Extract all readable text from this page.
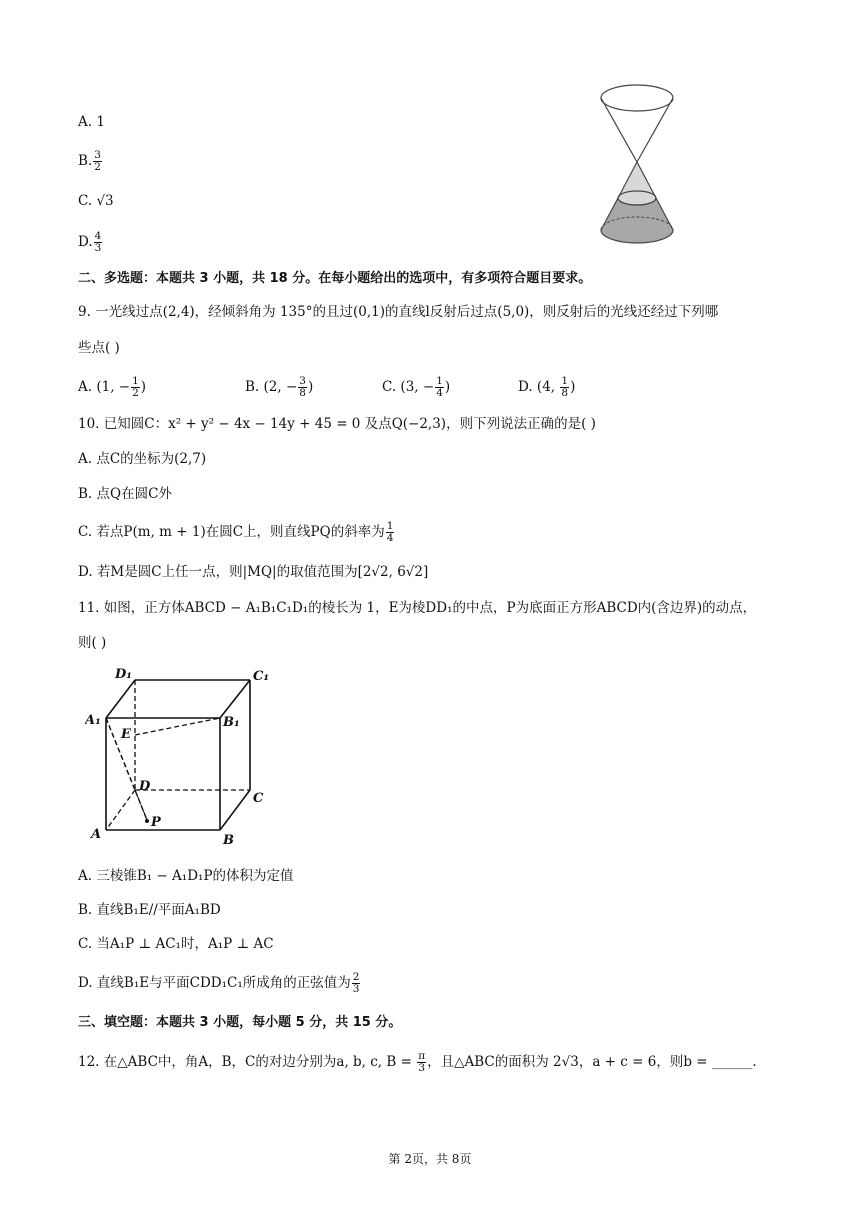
A. 1
B. $\frac{3}{2}$
C. √3
D. $\frac{4}{3}$
二、多选题：本题共 3 小题，共 18 分。在每小题给出的选项中，有多项符合题目要求。
9. 一光线过点(2,4)，经倾斜角为 135°的且过(0,1)的直线l反射后过点(5,0)，则反射后的光线还经过下列哪
些点( )
A. (1, − $\frac{1}{2}$ )	B. (2, − $\frac{3}{8}$ )	C. (3, − $\frac{1}{4}$ )	D. (4, $\frac{1}{8}$ )
10. 已知圆C：x² + y² − 4x − 14y + 45 = 0 及点Q(−2,3)，则下列说法正确的是( )
A. 点C的坐标为(2,7)
B. 点Q在圆C外
C. 若点P(m, m + 1)在圆C上，则直线PQ的斜率为 $\frac{1}{4}$
D. 若M是圆C上任一点，则|MQ|的取值范围为[2√2, 6√2]
11. 如图，正方体ABCD − A₁B₁C₁D₁的棱长为 1，E为棱DD₁的中点，P为底面正方形ABCD内(含边界)的动点，
则( )
D₁	C₁
A₁	B₁
E
D
C
A	B
P
A. 三棱锥B₁ − A₁D₁P的体积为定值
B. 直线B₁E//平面A₁BD
C. 当A₁P ⊥ AC₁时，A₁P ⊥ AC
D. 直线B₁E与平面CDD₁C₁所成角的正弦值为 $\frac{2}{3}$
三、填空题：本题共 3 小题，每小题 5 分，共 15 分。
12. 在△ABC中，角A，B，C的对边分别为a, b, c, $B = \frac{\pi}{3}$ ，且△ABC的面积为 2√3，a + c = 6，则b = ______.
第 2页，共 8页
